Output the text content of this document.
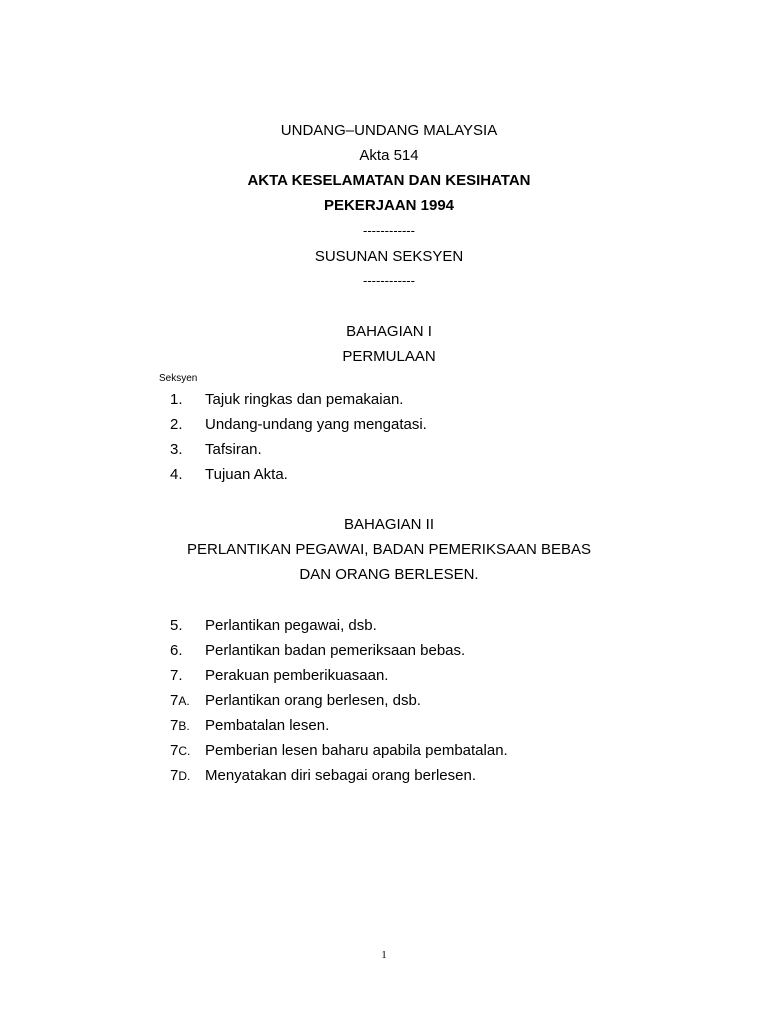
UNDANG–UNDANG MALAYSIA
Akta 514
AKTA KESELAMATAN DAN KESIHATAN
PEKERJAAN 1994
------------
SUSUNAN SEKSYEN
------------
BAHAGIAN I
PERMULAAN
Seksyen
1. Tajuk ringkas dan pemakaian.
2. Undang-undang yang mengatasi.
3. Tafsiran.
4. Tujuan Akta.
BAHAGIAN II
PERLANTIKAN PEGAWAI, BADAN PEMERIKSAAN BEBAS
DAN ORANG BERLESEN.
5. Perlantikan pegawai, dsb.
6. Perlantikan badan pemeriksaan bebas.
7. Perakuan pemberikuasaan.
7A. Perlantikan orang berlesen, dsb.
7B. Pembatalan lesen.
7C. Pemberian lesen baharu apabila pembatalan.
7D. Menyatakan diri sebagai orang berlesen.
1
